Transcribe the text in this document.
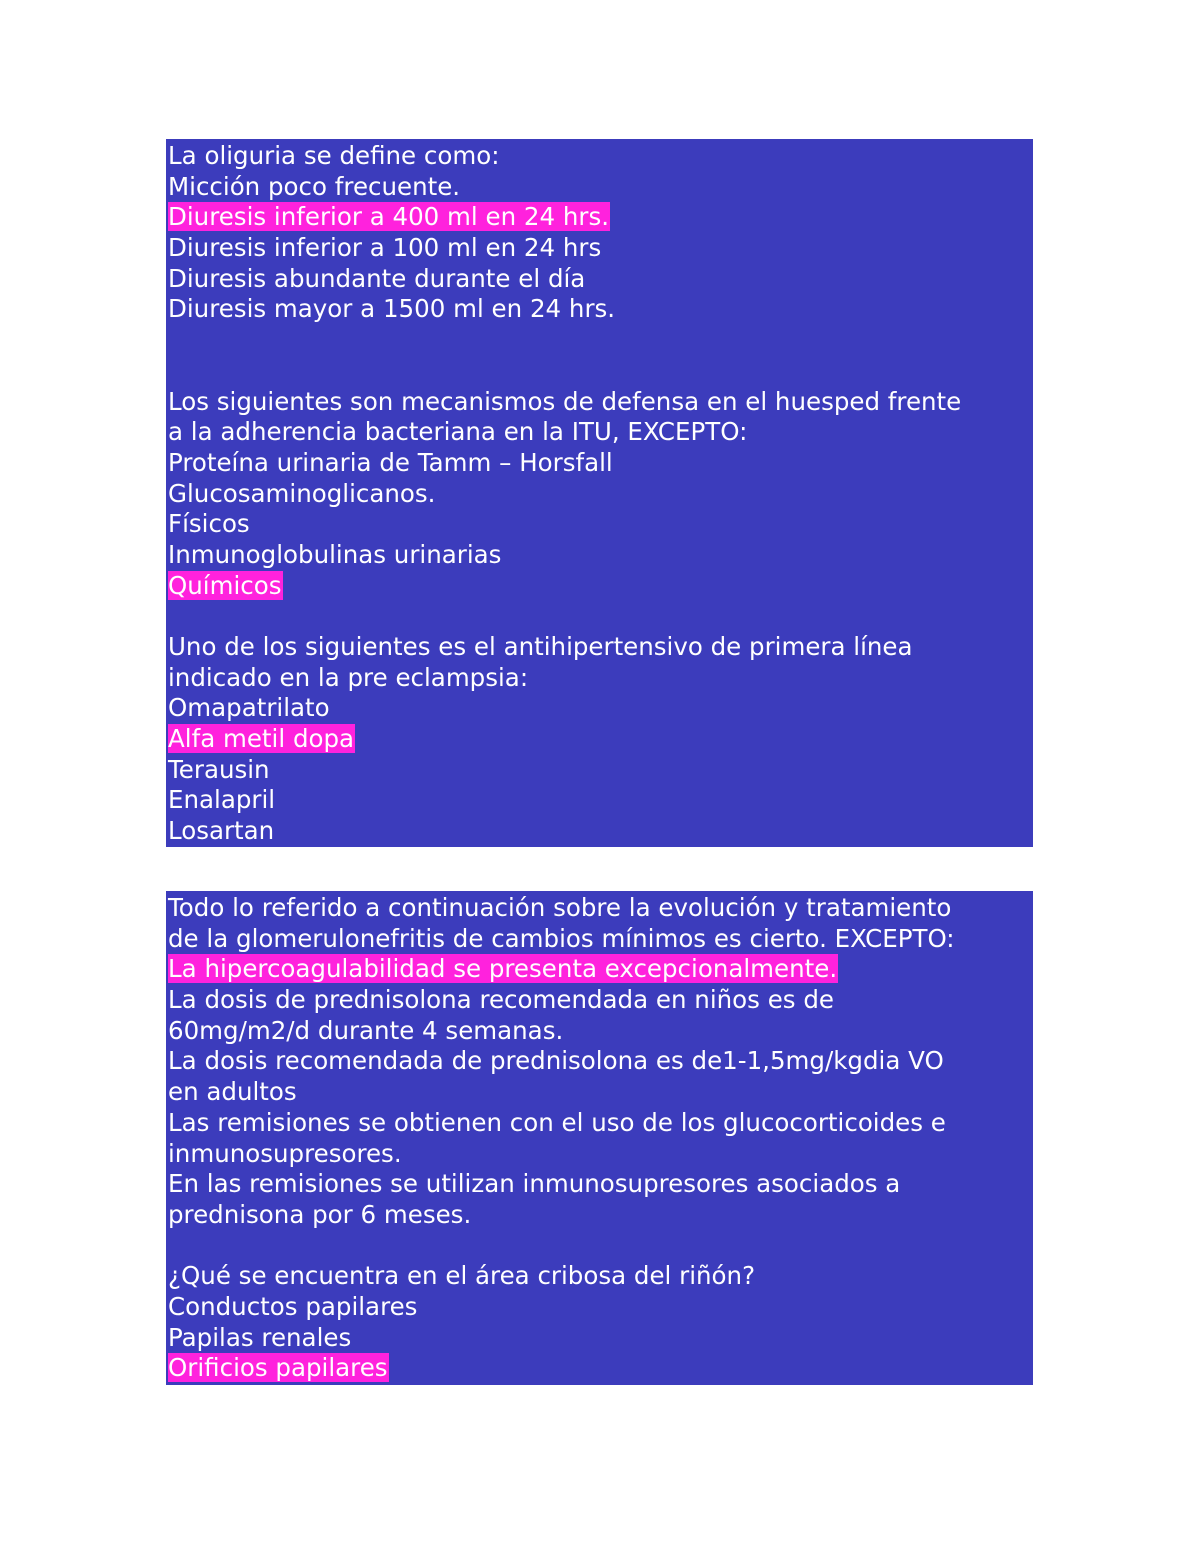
La oliguria se define como:
Micción poco frecuente.
Diuresis inferior a 400 ml en 24 hrs.
Diuresis inferior a 100 ml en 24 hrs
Diuresis abundante durante el día
Diuresis mayor a 1500 ml en 24 hrs.
Los siguientes son mecanismos de defensa en el huesped frente
a la adherencia bacteriana en la ITU, EXCEPTO:
Proteína urinaria de Tamm – Horsfall
Glucosaminoglicanos.
Físicos
Inmunoglobulinas urinarias
Químicos
Uno de los siguientes es el antihipertensivo de primera línea
indicado en la pre eclampsia:
Omapatrilato
Alfa metil dopa
Terausin
Enalapril
Losartan
Todo lo referido a continuación sobre la evolución y tratamiento
de la glomerulonefritis de cambios mínimos es cierto. EXCEPTO:
La hipercoagulabilidad se presenta excepcionalmente.
La dosis de prednisolona recomendada en niños es de
60mg/m2/d durante 4 semanas.
La dosis recomendada de prednisolona es de1-1,5mg/kgdia VO
en adultos
Las remisiones se obtienen con el uso de los glucocorticoides e
inmunosupresores.
En las remisiones se utilizan inmunosupresores asociados a
prednisona por 6 meses.
¿Qué se encuentra en el área cribosa del riñón?
Conductos papilares
Papilas renales
Orificios papilares
